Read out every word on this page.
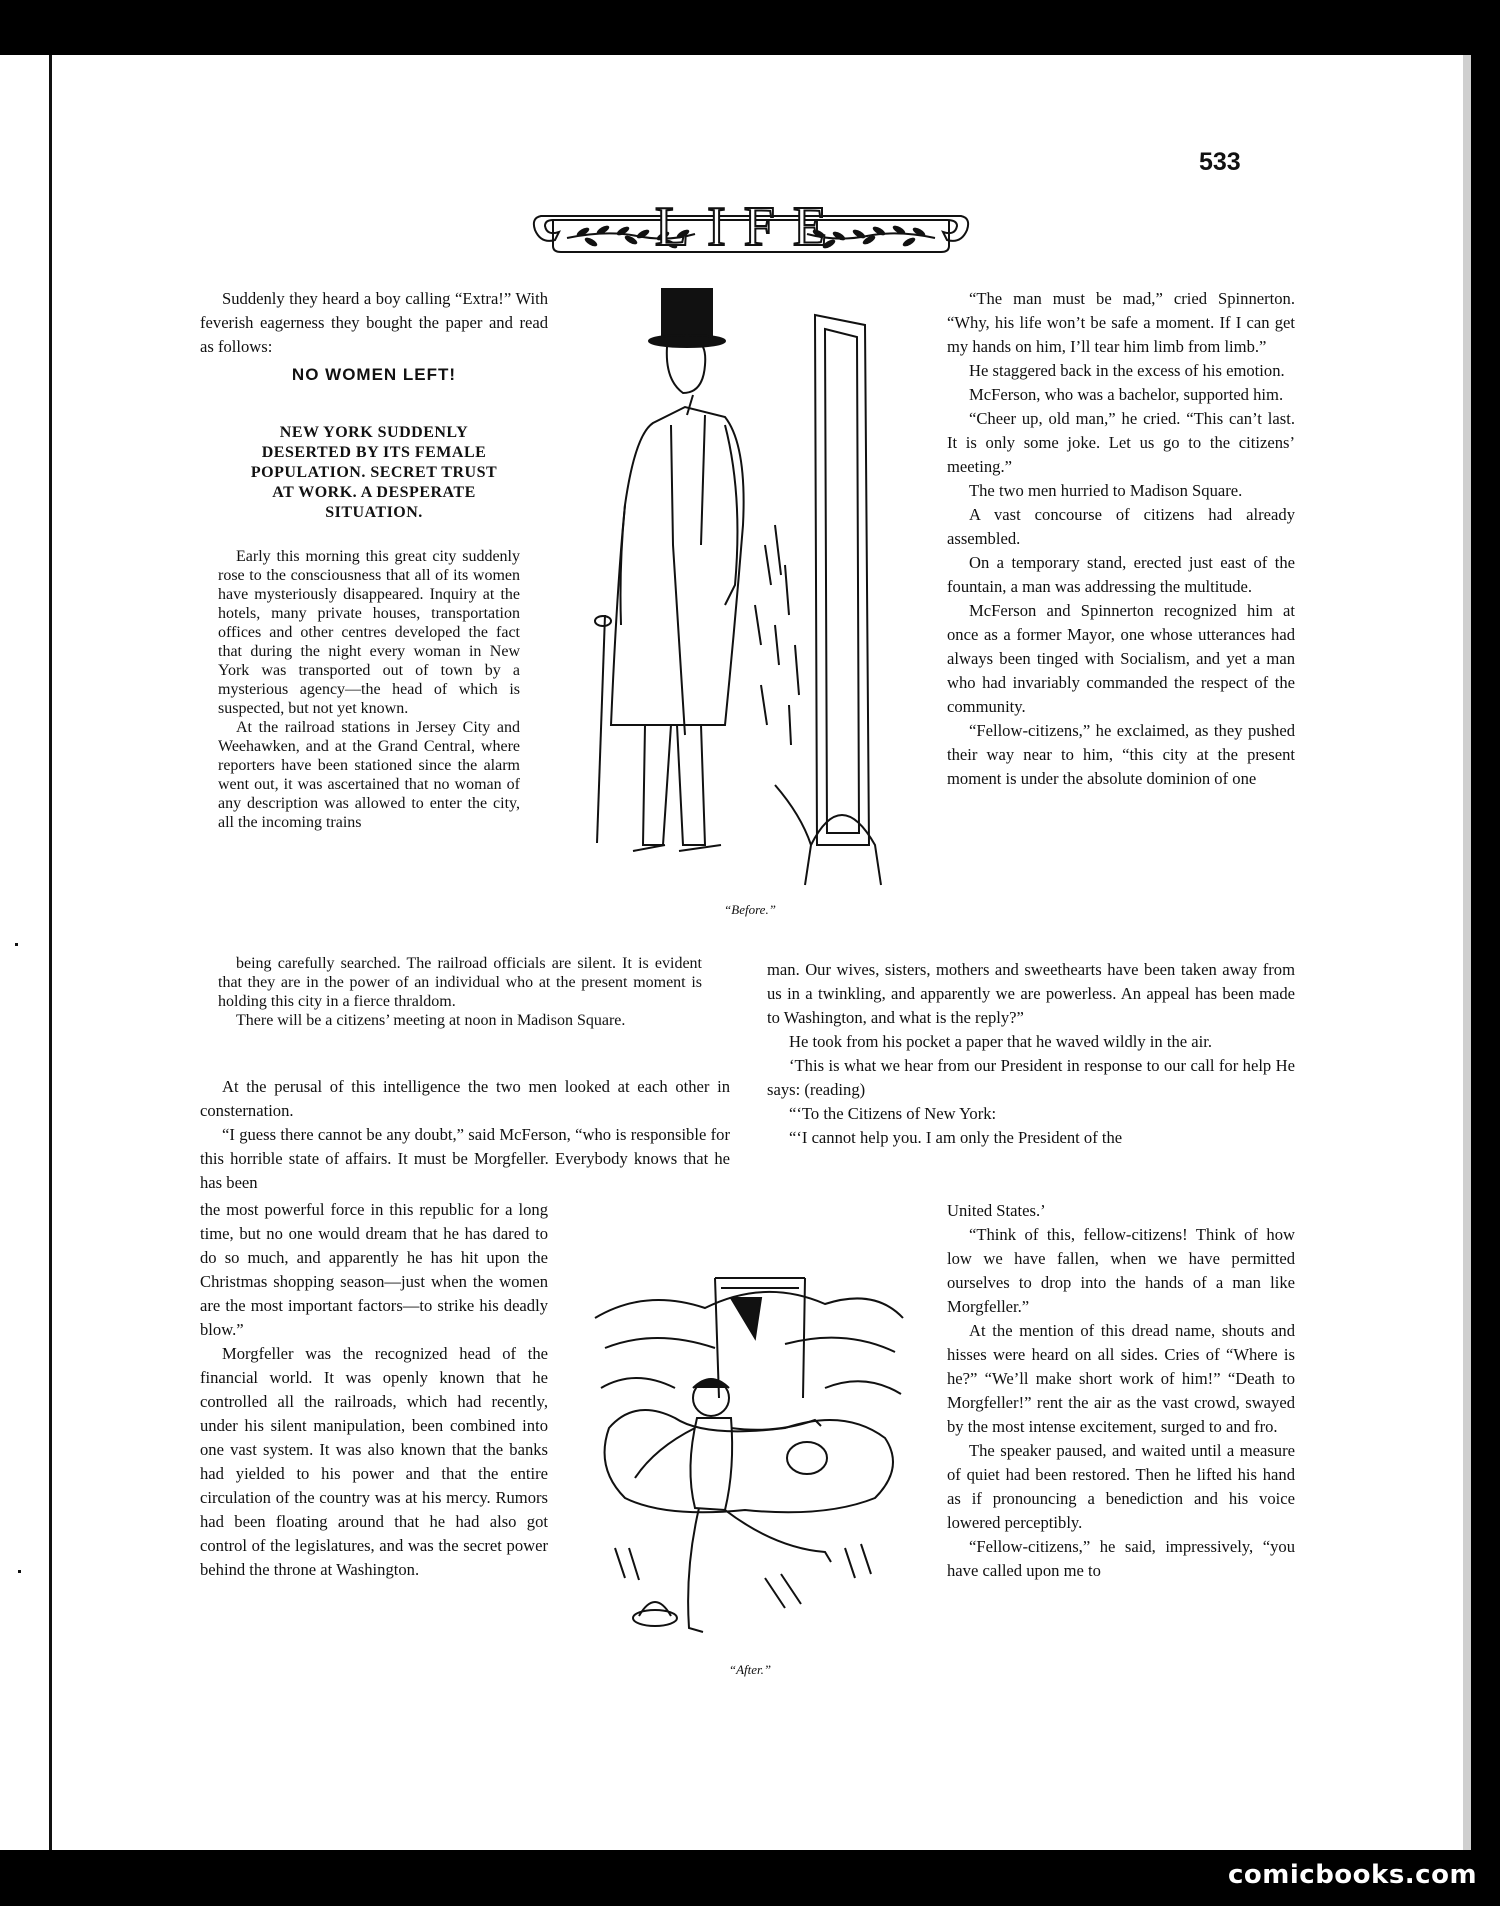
LIFE
533

Suddenly they heard a boy calling “Extra!” With feverish eagerness they bought the paper and read as follows:

NO WOMEN LEFT!
NEW YORK SUDDENLY DESERTED BY ITS FEMALE POPULATION. SECRET TRUST AT WORK. A DESPERATE SITUATION.

Early this morning this great city suddenly rose to the consciousness that all of its women have mysteriously disappeared. Inquiry at the hotels, many private houses, transportation offices and other centres developed the fact that during the night every woman in New York was transported out of town by a mysterious agency—the head of which is suspected, but not yet known.

At the railroad stations in Jersey City and Weehawken, and at the Grand Central, where reporters have been stationed since the alarm went out, it was ascertained that no woman of any description was allowed to enter the city, all the incoming trains

being carefully searched. The railroad officials are silent. It is evident that they are in the power of an individual who at the present moment is holding this city in a fierce thraldom.

There will be a citizens’ meeting at noon in Madison Square.

At the perusal of this intelligence the two men looked at each other in consternation.

“I guess there cannot be any doubt,” said McFerson, “who is responsible for this horrible state of affairs. It must be Morgfeller. Everybody knows that he has been

the most powerful force in this republic for a long time, but no one would dream that he has dared to do so much, and apparently he has hit upon the Christmas shopping season—just when the women are the most important factors—to strike his deadly blow.”

Morgfeller was the recognized head of the financial world. It was openly known that he controlled all the railroads, which had recently, under his silent manipulation, been combined into one vast system. It was also known that the banks had yielded to his power and that the entire circulation of the country was at his mercy. Rumors had been floating around that he had also got control of the legislatures, and was the secret power behind the throne at Washington.

“Before.”

“The man must be mad,” cried Spinnerton. “Why, his life won’t be safe a moment. If I can get my hands on him, I’ll tear him limb from limb.”

He staggered back in the excess of his emotion.

McFerson, who was a bachelor, supported him.

“Cheer up, old man,” he cried. “This can’t last. It is only some joke. Let us go to the citizens’ meeting.”

The two men hurried to Madison Square.

A vast concourse of citizens had already assembled.

On a temporary stand, erected just east of the fountain, a man was addressing the multitude.

McFerson and Spinnerton recognized him at once as a former Mayor, one whose utterances had always been tinged with Socialism, and yet a man who had invariably commanded the respect of the community.

“Fellow-citizens,” he exclaimed, as they pushed their way near to him, “this city at the present moment is under the absolute dominion of one

man. Our wives, sisters, mothers and sweethearts have been taken away from us in a twinkling, and apparently we are powerless. An appeal has been made to Washington, and what is the reply?”

He took from his pocket a paper that he waved wildly in the air.

‘This is what we hear from our President in response to our call for help He says: (reading)

“‘To the Citizens of New York:

“‘I cannot help you. I am only the President of the

United States.’

“Think of this, fellow-citizens! Think of how low we have fallen, when we have permitted ourselves to drop into the hands of a man like Morgfeller.”

At the mention of this dread name, shouts and hisses were heard on all sides. Cries of “Where is he?” “We’ll make short work of him!” “Death to Morgfeller!” rent the air as the vast crowd, swayed by the most intense excitement, surged to and fro.

The speaker paused, and waited until a measure of quiet had been restored. Then he lifted his hand as if pronouncing a benediction and his voice lowered perceptibly.

“Fellow-citizens,” he said, impressively, “you have called upon me to

“After.”
comicbooks.com
